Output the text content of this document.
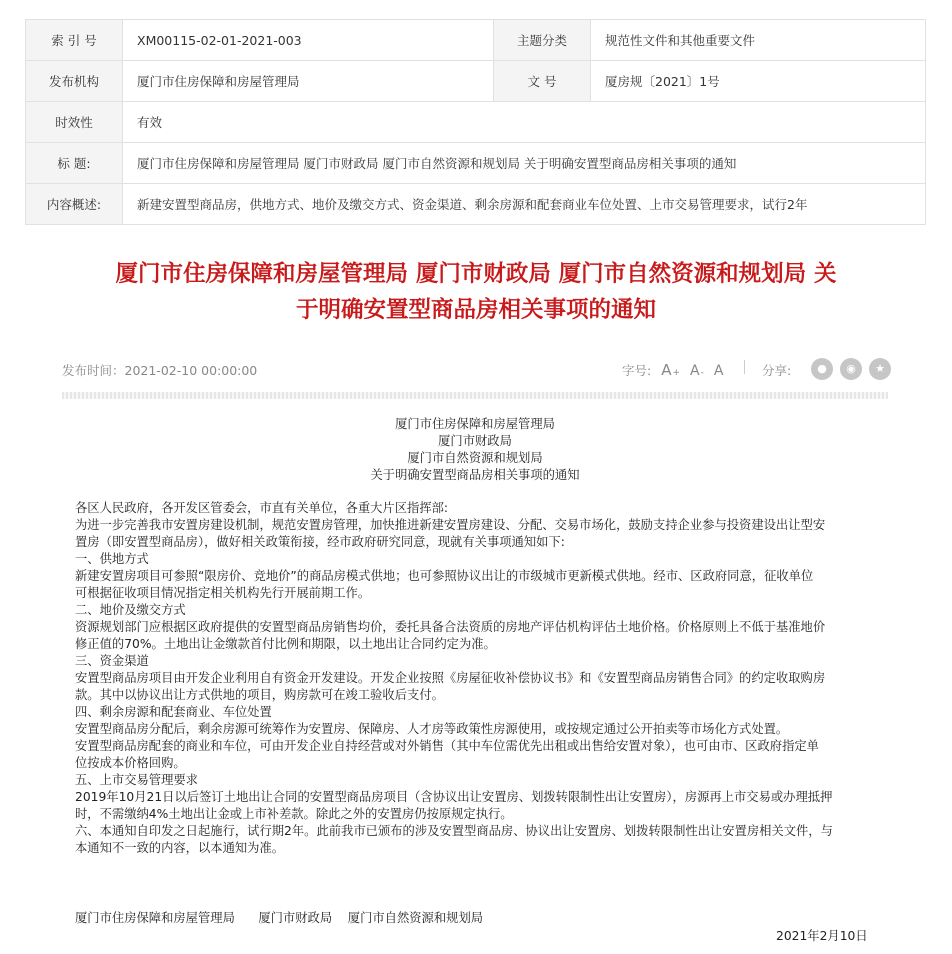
索 引 号	XM00115-02-01-2021-003	主题分类	规范性文件和其他重要文件
发布机构	厦门市住房保障和房屋管理局	文 号	厦房规〔2021〕1号
时效性	有效		
标 题:	厦门市住房保障和房屋管理局 厦门市财政局 厦门市自然资源和规划局 关于明确安置型商品房相关事项的通知		
内容概述:	新建安置型商品房，供地方式、地价及缴交方式、资金渠道、剩余房源和配套商业车位处置、上市交易管理要求，试行2年		
厦门市住房保障和房屋管理局 厦门市财政局 厦门市自然资源和规划局 关
于明确安置型商品房相关事项的通知
发布时间：2021-02-10 00:00:00	字号: A + A - A	分享:	●	◉	★
厦门市住房保障和房屋管理局
厦门市财政局
厦门市自然资源和规划局
关于明确安置型商品房相关事项的通知

各区人民政府，各开发区管委会，市直有关单位，各重大片区指挥部:

为进一步完善我市安置房建设机制，规范安置房管理，加快推进新建安置房建设、分配、交易市场化，鼓励支持企业参与投资建设出让型安

置房（即安置型商品房），做好相关政策衔接，经市政府研究同意，现就有关事项通知如下:

一、供地方式

新建安置房项目可参照“限房价、竞地价”的商品房模式供地；也可参照协议出让的市级城市更新模式供地。经市、区政府同意，征收单位

可根据征收项目情况指定相关机构先行开展前期工作。

二、地价及缴交方式

资源规划部门应根据区政府提供的安置型商品房销售均价，委托具备合法资质的房地产评估机构评估土地价格。价格原则上不低于基准地价

修正值的70%。土地出让金缴款首付比例和期限，以土地出让合同约定为准。

三、资金渠道

安置型商品房项目由开发企业利用自有资金开发建设。开发企业按照《房屋征收补偿协议书》和《安置型商品房销售合同》的约定收取购房

款。其中以协议出让方式供地的项目，购房款可在竣工验收后支付。

四、剩余房源和配套商业、车位处置

安置型商品房分配后，剩余房源可统筹作为安置房、保障房、人才房等政策性房源使用，或按规定通过公开拍卖等市场化方式处置。

安置型商品房配套的商业和车位，可由开发企业自持经营或对外销售（其中车位需优先出租或出售给安置对象），也可由市、区政府指定单

位按成本价格回购。

五、上市交易管理要求

2019年10月21日以后签订土地出让合同的安置型商品房项目（含协议出让安置房、划拨转限制性出让安置房），房源再上市交易或办理抵押

时，不需缴纳4%土地出让金或上市补差款。除此之外的安置房仍按原规定执行。

六、本通知自印发之日起施行，试行期2年。此前我市已颁布的涉及安置型商品房、协议出让安置房、划拨转限制性出让安置房相关文件，与

本通知不一致的内容，以本通知为准。

厦门市住房保障和房屋管理局 厦门市财政局 厦门市自然资源和规划局
2021年2月10日
